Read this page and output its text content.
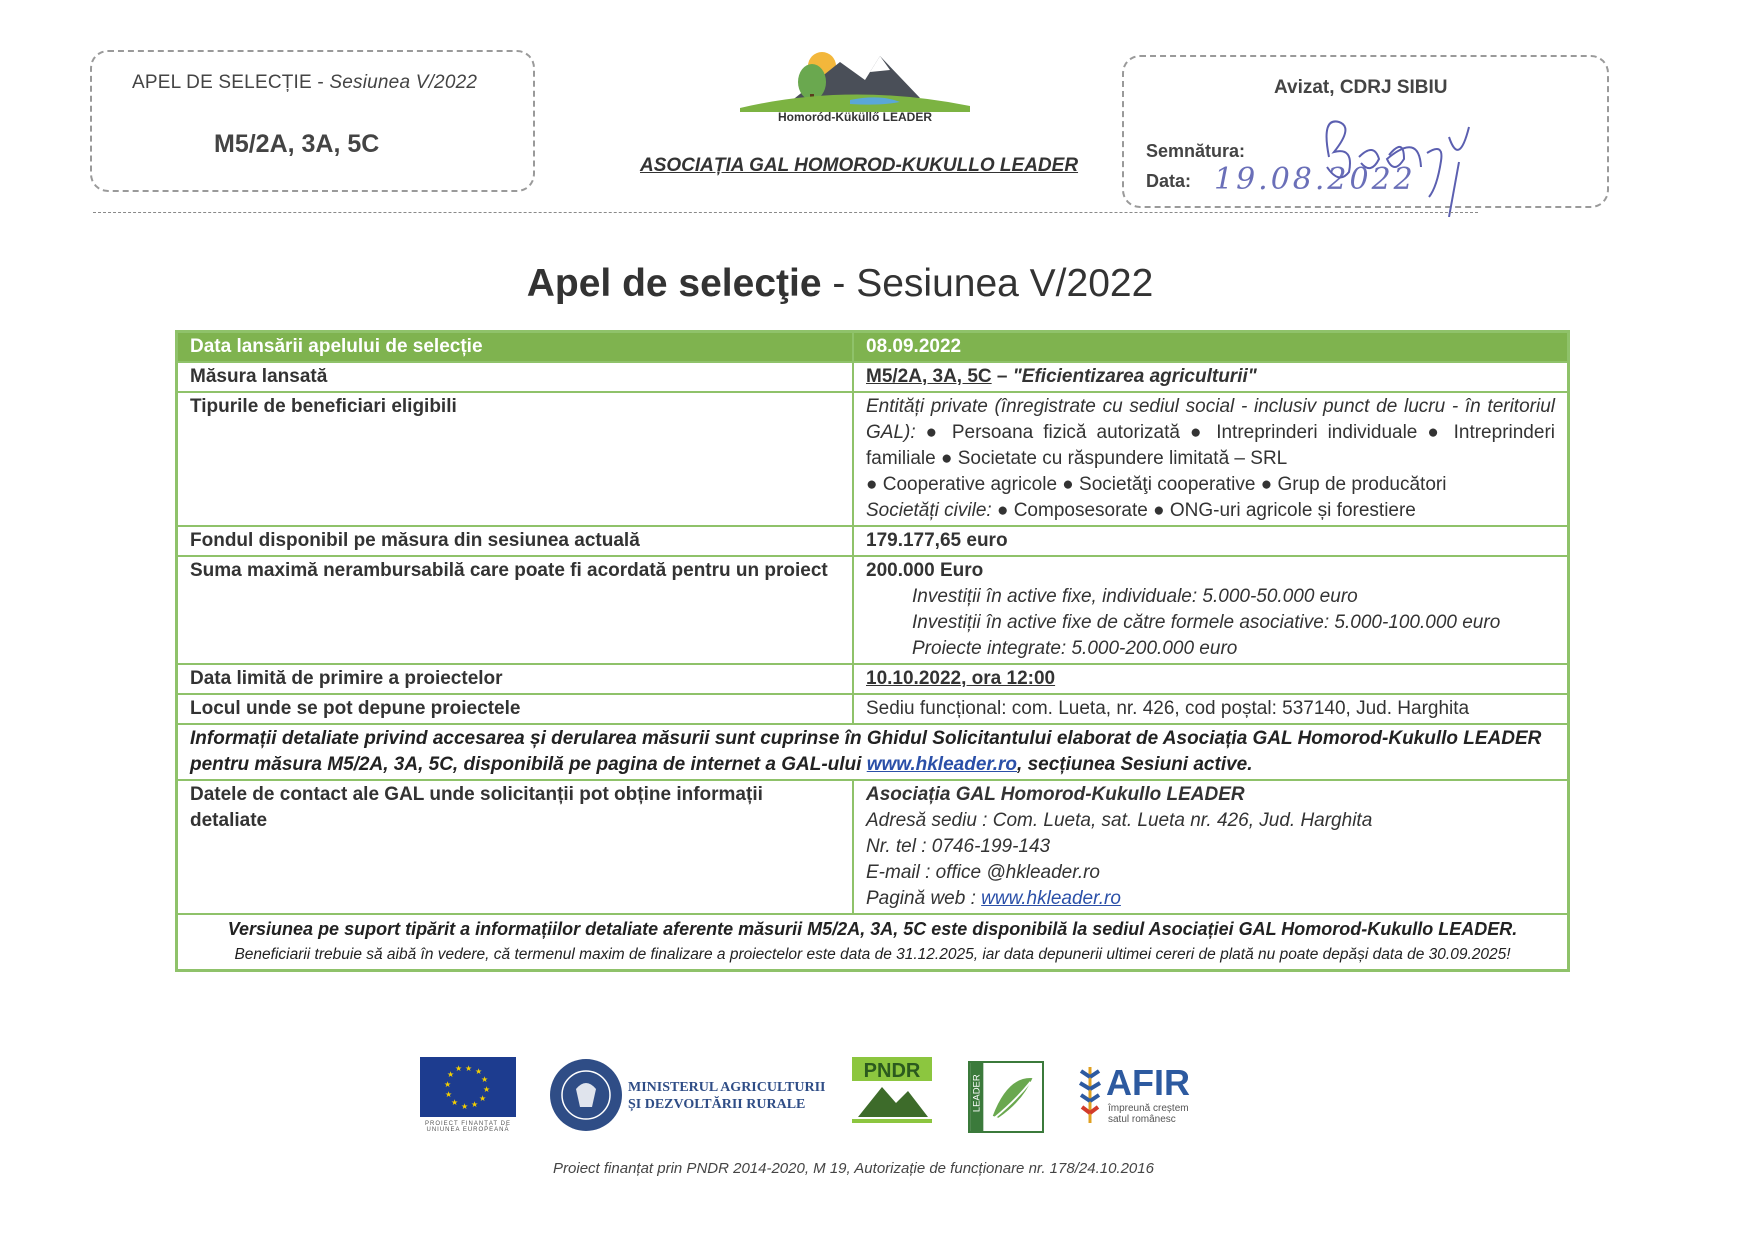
APEL DE SELECȚIE - Sesiunea V/2022
M5/2A, 3A, 5C
Homoród-Küküllő LEADER
ASOCIAȚIA GAL HOMOROD-KUKULLO LEADER
Avizat, CDRJ SIBIU
Semnătura:
Data: 19.08.2022
Apel de selecţie - Sesiunea V/2022
Data lansării apelului de selecție	08.09.2022
Măsura lansată	M5/2A, 3A, 5C – "Eficientizarea agriculturii"
Tipurile de beneficiari eligibili	Entități private (înregistrate cu sediul social - inclusiv punct de lucru - în teritoriul GAL): ● Persoana fizică autorizată ● Intreprinderi individuale ● Intreprinderi familiale ● Societate cu răspundere limitată – SRL
● Cooperative agricole ● Societăţi cooperative ● Grup de producători
Societăți civile: ● Composesorate ● ONG-uri agricole și forestiere
Fondul disponibil pe măsura din sesiunea actuală	179.177,65 euro
Suma maximă nerambursabilă care poate fi acordată pentru un proiect	200.000 Euro
Investiții în active fixe, individuale: 5.000-50.000 euro
Investiții în active fixe de către formele asociative: 5.000-100.000 euro
Proiecte integrate: 5.000-200.000 euro

Data limită de primire a proiectelor	10.10.2022, ora 12:00
Locul unde se pot depune proiectele	Sediu funcțional: com. Lueta, nr. 426, cod poștal: 537140, Jud. Harghita
Informații detaliate privind accesarea și derularea măsurii sunt cuprinse în Ghidul Solicitantului elaborat de Asociația GAL Homorod-Kukullo LEADER pentru măsura M5/2A, 3A, 5C, disponibilă pe pagina de internet a GAL-ului www.hkleader.ro, secțiunea Sesiuni active.	
Datele de contact ale GAL unde solicitanții pot obține informații detaliate	Asociația GAL Homorod-Kukullo LEADER
Adresă sediu : Com. Lueta, sat. Lueta nr. 426, Jud. Harghita
Nr. tel : 0746-199-143
E-mail : office @hkleader.ro
Pagină web : www.hkleader.ro

Versiunea pe suport tipărit a informațiilor detaliate aferente măsurii M5/2A, 3A, 5C este disponibilă la sediul Asociației GAL Homorod-Kukullo LEADER.
Beneficiarii trebuie să aibă în vedere, că termenul maxim de finalizare a proiectelor este data de 31.12.2025, iar data depunerii ultimei cereri de plată nu poate depăși data de 30.09.2025!	
★ ★
★
★
★
★
★
★
★
★
★
★
PROIECT FINANȚAT DE UNIUNEA EUROPEANĂ
MINISTERUL AGRICULTURII
ȘI DEZVOLTĂRII RURALE
PNDR
LEADER	AFIR
împreună creștem
satul românesc
Proiect finanțat prin PNDR 2014-2020, M 19, Autorizație de funcționare nr. 178/24.10.2016
